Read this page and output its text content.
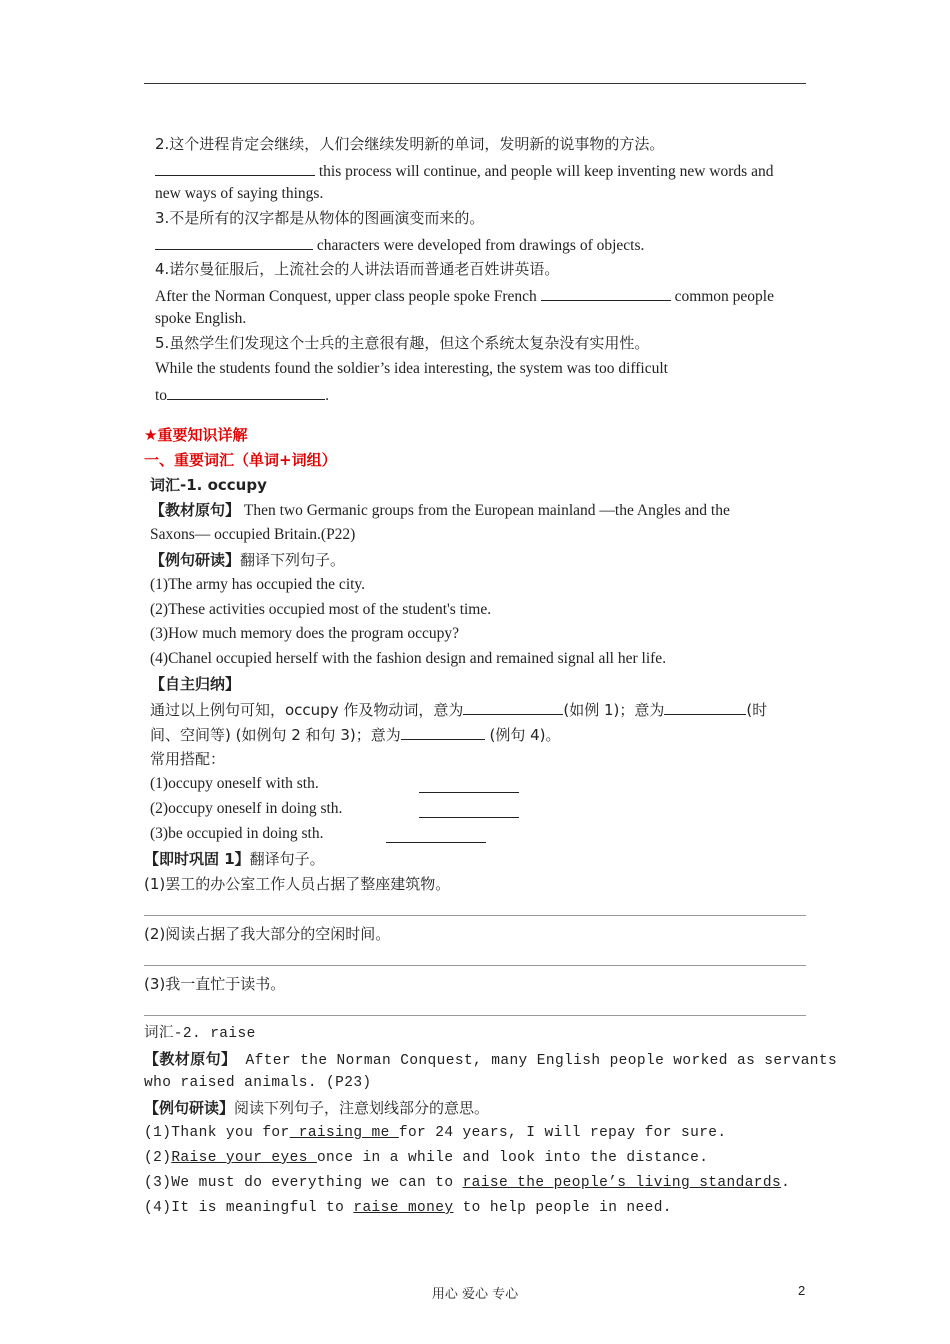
2.这个进程肯定会继续，人们会继续发明新的单词，发明新的说事物的方法。
this process will continue, and people will keep inventing new words and
new ways of saying things.
3.不是所有的汉字都是从物体的图画演变而来的。
characters were developed from drawings of objects.
4.诺尔曼征服后，上流社会的人讲法语而普通老百姓讲英语。
After the Norman Conquest, upper class people spoke French	common people
spoke English.
5.虽然学生们发现这个士兵的主意很有趣，但这个系统太复杂没有实用性。
While the students found the soldier’s idea interesting, the system was too difficult
to	.
★重要知识详解
一、重要词汇（单词+词组）
词汇-1. occupy
【教材原句】 Then two Germanic groups from the European mainland —the Angles and the
Saxons— occupied Britain.(P22)
【例句研读】翻译下列句子。
(1)The army has occupied the city.
(2)These activities occupied most of the student's time.
(3)How much memory does the program occupy?
(4)Chanel occupied herself with the fashion design and remained signal all her life.
【自主归纳】
通过以上例句可知，occupy 作及物动词，意为	(如例 1)；意为	(时
间、空间等) (如例句 2 和句 3)；意为	(例句 4)。
常用搭配：
(1)occupy oneself with sth.
(2)occupy oneself in doing sth.
(3)be occupied in doing sth.
【即时巩固 1】翻译句子。
(1)罢工的办公室工作人员占据了整座建筑物。
(2)阅读占据了我大部分的空闲时间。
(3)我一直忙于读书。
词汇-2. raise
【教材原句】 After the Norman Conquest, many English people worked as servants
who raised animals. (P23)
【例句研读】阅读下列句子，注意划线部分的意思。
(1)Thank you for raising me for 24 years, I will repay for sure.
(2)Raise your eyes once in a while and look into the distance.
(3)We must do everything we can to raise the people’s living standards.
(4)It is meaningful to raise money to help people in need.
用心 爱心 专心	2
